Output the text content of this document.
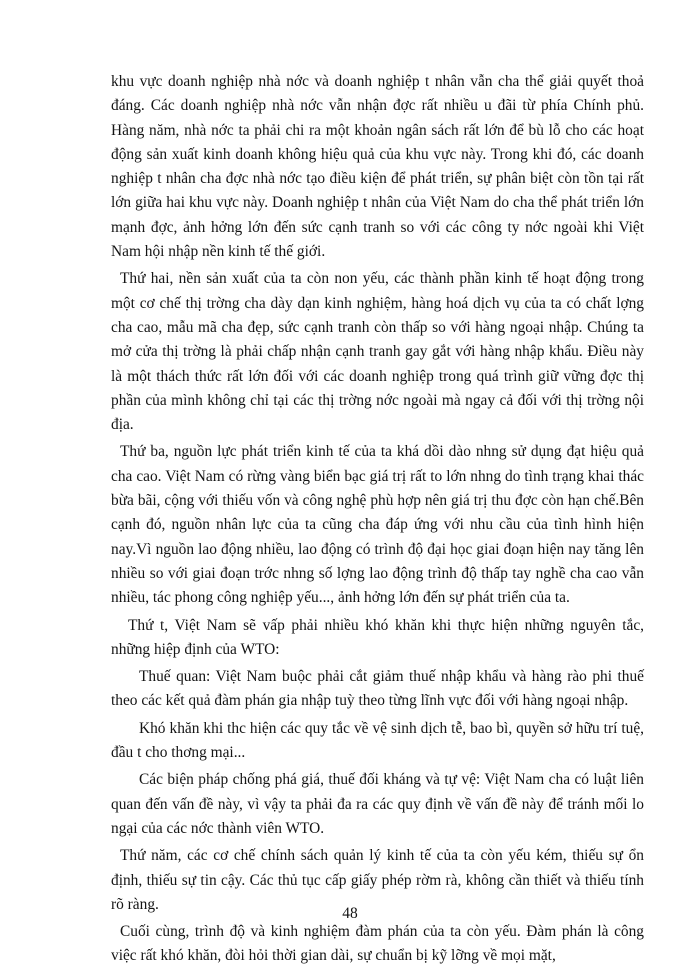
khu vực doanh nghiệp nhà nớc và doanh nghiệp t nhân vẫn cha thể giải quyết thoả đáng. Các doanh nghiệp nhà nớc vẫn nhận đợc rất nhiều u đãi từ phía Chính phủ. Hàng năm, nhà nớc ta phải chi ra một khoản ngân sách rất lớn để bù lỗ cho các hoạt động sản xuất kinh doanh không hiệu quả của khu vực này. Trong khi đó, các doanh nghiệp t nhân cha đợc nhà nớc tạo điều kiện để phát triển, sự phân biệt còn tồn tại rất lớn giữa hai khu vực này. Doanh nghiệp t nhân của Việt Nam do cha thể phát triển lớn mạnh đợc, ảnh hởng lớn đến sức cạnh tranh so với các công ty nớc ngoài khi Việt Nam hội nhập nền kinh tế thế giới.

Thứ hai, nền sản xuất của ta còn non yếu, các thành phần kinh tế hoạt động trong một cơ chế thị trờng cha dày dạn kinh nghiệm, hàng hoá dịch vụ của ta có chất lợng cha cao, mẫu mã cha đẹp, sức cạnh tranh còn thấp so với hàng ngoại nhập. Chúng ta mở cửa thị trờng là phải chấp nhận cạnh tranh gay gắt với hàng nhập khẩu. Điều này là một thách thức rất lớn đối với các doanh nghiệp trong quá trình giữ vững đợc thị phần của mình không chỉ tại các thị trờng nớc ngoài mà ngay cả đối với thị trờng nội địa.

Thứ ba, nguồn lực phát triển kinh tế của ta khá dồi dào nhng sử dụng đạt hiệu quả cha cao. Việt Nam có rừng vàng biển bạc giá trị rất to lớn nhng do tình trạng khai thác bừa bãi, cộng với thiếu vốn và công nghệ phù hợp nên giá trị thu đợc còn hạn chế.Bên cạnh đó, nguồn nhân lực của ta cũng cha đáp ứng với nhu cầu của tình hình hiện nay.Vì nguồn lao động nhiều, lao động có trình độ đại học giai đoạn hiện nay tăng lên nhiều so với giai đoạn trớc nhng số lợng lao động trình độ thấp tay nghề cha cao vẫn nhiều, tác phong công nghiệp yếu..., ảnh hởng lớn đến sự phát triển của ta.

Thứ t, Việt Nam sẽ vấp phải nhiều khó khăn khi thực hiện những nguyên tắc, những hiệp định của WTO:

Thuế quan: Việt Nam buộc phải cắt giảm thuế nhập khẩu và hàng rào phi thuế theo các kết quả đàm phán gia nhập tuỳ theo từng lĩnh vực đối với hàng ngoại nhập.

Khó khăn khi thc hiện các quy tắc về vệ sinh dịch tễ, bao bì, quyền sở hữu trí tuệ, đầu t cho thơng mại...

Các biện pháp chống phá giá, thuế đối kháng và tự vệ: Việt Nam cha có luật liên quan đến vấn đề này, vì vậy ta phải đa ra các quy định về vấn đề này để tránh mối lo ngại của các nớc thành viên WTO.

Thứ năm, các cơ chế chính sách quản lý kinh tế của ta còn yếu kém, thiếu sự ổn định, thiếu sự tin cậy. Các thủ tục cấp giấy phép rờm rà, không cần thiết và thiếu tính rõ ràng.

Cuối cùng, trình độ và kinh nghiệm đàm phán của ta còn yếu. Đàm phán là công việc rất khó khăn, đòi hỏi thời gian dài, sự chuẩn bị kỹ lỡng về mọi mặt,

48
